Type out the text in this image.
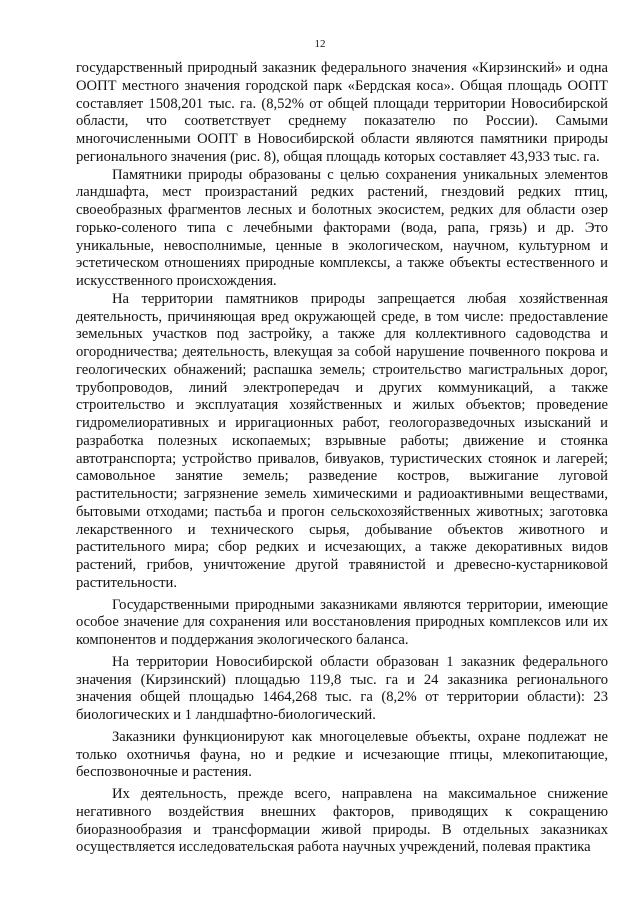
12

государственный природный заказник федерального значения «Кирзинский» и одна ООПТ местного значения городской парк «Бердская коса». Общая площадь ООПТ составляет 1508,201 тыс. га. (8,52% от общей площади территории Новосибирской области, что соответствует среднему показателю по России). Самыми многочисленными ООПТ в Новосибирской области являются памятники природы регионального значения (рис. 8), общая площадь которых составляет 43,933 тыс. га.

Памятники природы образованы с целью сохранения уникальных элементов ландшафта, мест произрастаний редких растений, гнездовий редких птиц, своеобразных фрагментов лесных и болотных экосистем, редких для области озер горько-соленого типа с лечебными факторами (вода, рапа, грязь) и др. Это уникальные, невосполнимые, ценные в экологическом, научном, культурном и эстетическом отношениях природные комплексы, а также объекты естественного и искусственного происхождения.

На территории памятников природы запрещается любая хозяйственная деятельность, причиняющая вред окружающей среде, в том числе: предоставление земельных участков под застройку, а также для коллективного садоводства и огородничества; деятельность, влекущая за собой нарушение почвенного покрова и геологических обнажений; распашка земель; строительство магистральных дорог, трубопроводов, линий электропередач и других коммуникаций, а также строительство и эксплуатация хозяйственных и жилых объектов; проведение гидромелиоративных и ирригационных работ, геологоразведочных изысканий и разработка полезных ископаемых; взрывные работы; движение и стоянка автотранспорта; устройство привалов, бивуаков, туристических стоянок и лагерей; самовольное занятие земель; разведение костров, выжигание луговой растительности; загрязнение земель химическими и радиоактивными веществами, бытовыми отходами; пастьба и прогон сельскохозяйственных животных; заготовка лекарственного и технического сырья, добывание объектов животного и растительного мира; сбор редких и исчезающих, а также декоративных видов растений, грибов, уничтожение другой травянистой и древесно-кустарниковой растительности.

Государственными природными заказниками являются территории, имеющие особое значение для сохранения или восстановления природных комплексов или их компонентов и поддержания экологического баланса.

На территории Новосибирской области образован 1 заказник федерального значения (Кирзинский) площадью 119,8 тыс. га и 24 заказника регионального значения общей площадью 1464,268 тыс. га (8,2% от территории области): 23 биологических и 1 ландшафтно-биологический.

Заказники функционируют как многоцелевые объекты, охране подлежат не только охотничья фауна, но и редкие и исчезающие птицы, млекопитающие, беспозвоночные и растения.

Их деятельность, прежде всего, направлена на максимальное снижение негативного воздействия внешних факторов, приводящих к сокращению биоразнообразия и трансформации живой природы. В отдельных заказниках осуществляется исследовательская работа научных учреждений, полевая практика
